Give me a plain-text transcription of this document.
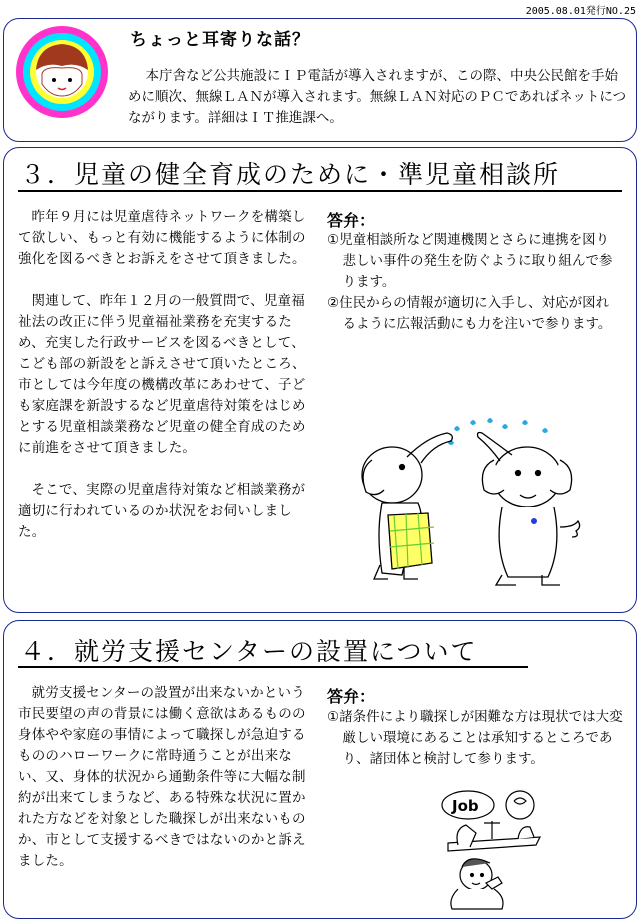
2005.08.01発行NO.25
ちょっと耳寄りな話？

本庁舎など公共施設にＩＰ電話が導入されますが、この際、中央公民館を手始めに順次、無線ＬＡＮが導入されます。無線ＬＡＮ対応のＰＣであればネットにつながります。詳細はＩＴ推進課へ。

３．児童の健全育成のために・準児童相談所

昨年９月には児童虐待ネットワークを構築して欲しい、もっと有効に機能するように体制の強化を図るべきとお訴えをさせて頂きました。

関連して、昨年１２月の一般質問で、児童福祉法の改正に伴う児童福祉業務を充実するため、充実した行政サービスを図るべきとして、こども部の新設をと訴えさせて頂いたところ、市としては今年度の機構改革にあわせて、子ども家庭課を新設するなど児童虐待対策をはじめとする児童相談業務など児童の健全育成のために前進をさせて頂きました。

そこで、実際の児童虐待対策など相談業務が適切に行われているのか状況をお伺いしました。

答弁：
①児童相談所など関連機関とさらに連携を図り悲しい事件の発生を防ぐように取り組んで参ります。
②住民からの情報が適切に入手し、対応が図れるように広報活動にも力を注いで参ります。
４．就労支援センターの設置について

就労支援センターの設置が出来ないかという市民要望の声の背景には働く意欲はあるものの身体やや家庭の事情によって職探しが急迫するもののハローワークに常時通うことが出来ない、又、身体的状況から通勤条件等に大幅な制約が出来てしまうなど、ある特殊な状況に置かれた方などを対象とした職探しが出来ないものか、市として支援するべきではないのかと訴えました。

答弁：
①諸条件により職探しが困難な方は現状では大変厳しい環境にあることは承知するところであり、諸団体と検討して参ります。
Job
